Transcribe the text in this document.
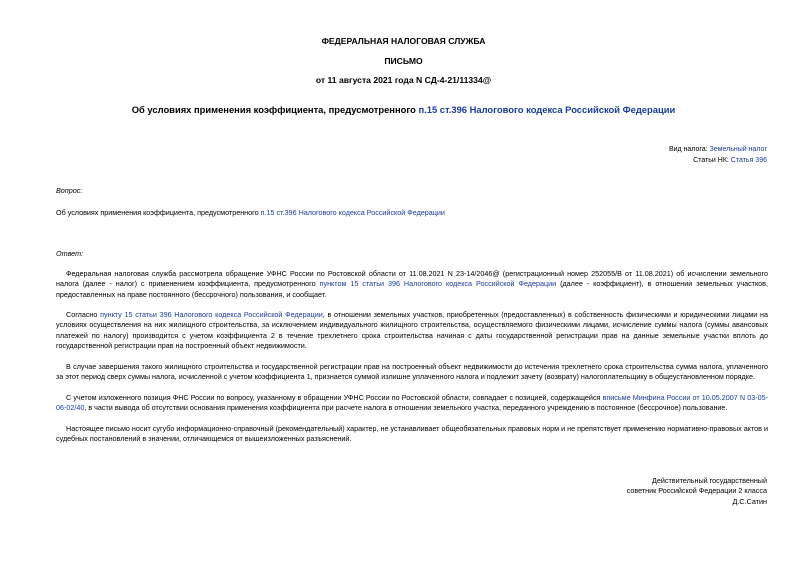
ФЕДЕРАЛЬНАЯ НАЛОГОВАЯ СЛУЖБА
ПИСЬМО
от 11 августа 2021 года N СД-4-21/11334@
Об условиях применения коэффициента, предусмотренного п.15 ст.396 Налогового кодекса Российской Федерации
Вид налога: Земельный налог
Статьи НК: Статья 396
Вопрос:
Об условиях применения коэффициента, предусмотренного п.15 ст.396 Налогового кодекса Российской Федерации
Ответ:
Федеральная налоговая служба рассмотрела обращение УФНС России по Ростовской области от 11.08.2021 N 23-14/2046@ (регистрационный номер 252055/В от 11.08.2021) об исчислении земельного налога (далее - налог) с применением коэффициента, предусмотренного пунктом 15 статьи 396 Налогового кодекса Российской Федерации (далее - коэффициент), в отношении земельных участков, предоставленных на праве постоянного (бессрочного) пользования, и сообщает.
Согласно пункту 15 статьи 396 Налогового кодекса Российской Федерации, в отношении земельных участков, приобретенных (предоставленных) в собственность физическими и юридическими лицами на условиях осуществления на них жилищного строительства, за исключением индивидуального жилищного строительства, осуществляемого физическими лицами, исчисление суммы налога (суммы авансовых платежей по налогу) производится с учетом коэффициента 2 в течение трехлетнего срока строительства начиная с даты государственной регистрации прав на данные земельные участки вплоть до государственной регистрации прав на построенный объект недвижимости.
В случае завершения такого жилищного строительства и государственной регистрации прав на построенный объект недвижимости до истечения трехлетнего срока строительства сумма налога, уплаченного за этот период сверх суммы налога, исчисленной с учетом коэффициента 1, признается суммой излишне уплаченного налога и подлежит зачету (возврату) налогоплательщику в общеустановленном порядке.
С учетом изложенного позиция ФНС России по вопросу, указанному в обращении УФНС России по Ростовской области, совпадает с позицией, содержащейся вписьме Минфина России от 10.05.2007 N 03-05-06-02/40, в части вывода об отсутствии основания применения коэффициента при расчете налога в отношении земельного участка, переданного учреждению в постоянное (бессрочное) пользование.
Настоящее письмо носит сугубо информационно-справочный (рекомендательный) характер, не устанавливает общеобязательных правовых норм и не препятствует применению нормативно-правовых актов и судебных постановлений в значении, отличающемся от вышеизложенных разъяснений.
Действительный государственный
советник Российской Федерации 2 класса
Д.С.Сатин
